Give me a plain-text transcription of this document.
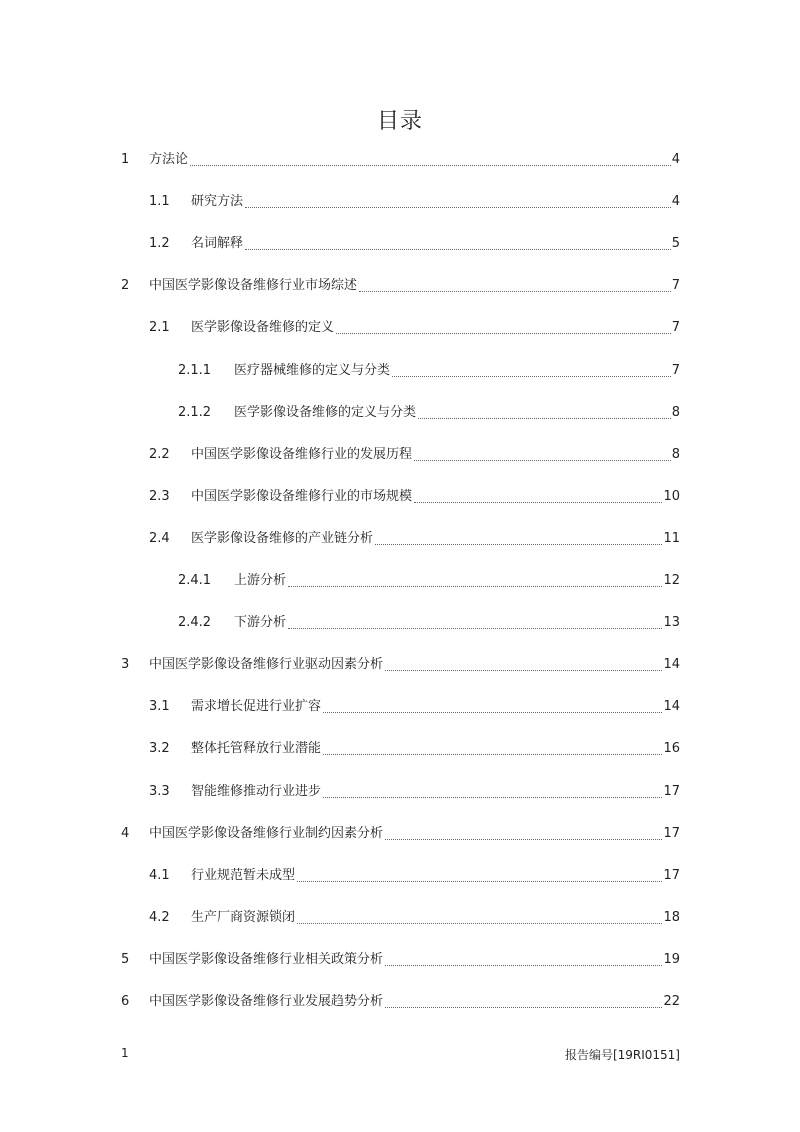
目录
1	方法论	4
1.1	研究方法	4
1.2	名词解释	5
2	中国医学影像设备维修行业市场综述	7
2.1	医学影像设备维修的定义	7
2.1.1	医疗器械维修的定义与分类	7
2.1.2	医学影像设备维修的定义与分类	8
2.2	中国医学影像设备维修行业的发展历程	8
2.3	中国医学影像设备维修行业的市场规模	10
2.4	医学影像设备维修的产业链分析	11
2.4.1	上游分析	12
2.4.2	下游分析	13
3	中国医学影像设备维修行业驱动因素分析	14
3.1	需求增长促进行业扩容	14
3.2	整体托管释放行业潜能	16
3.3	智能维修推动行业进步	17
4	中国医学影像设备维修行业制约因素分析	17
4.1	行业规范暂未成型	17
4.2	生产厂商资源锁闭	18
5	中国医学影像设备维修行业相关政策分析	19
6	中国医学影像设备维修行业发展趋势分析	22
1	报告编号[19RI0151]
